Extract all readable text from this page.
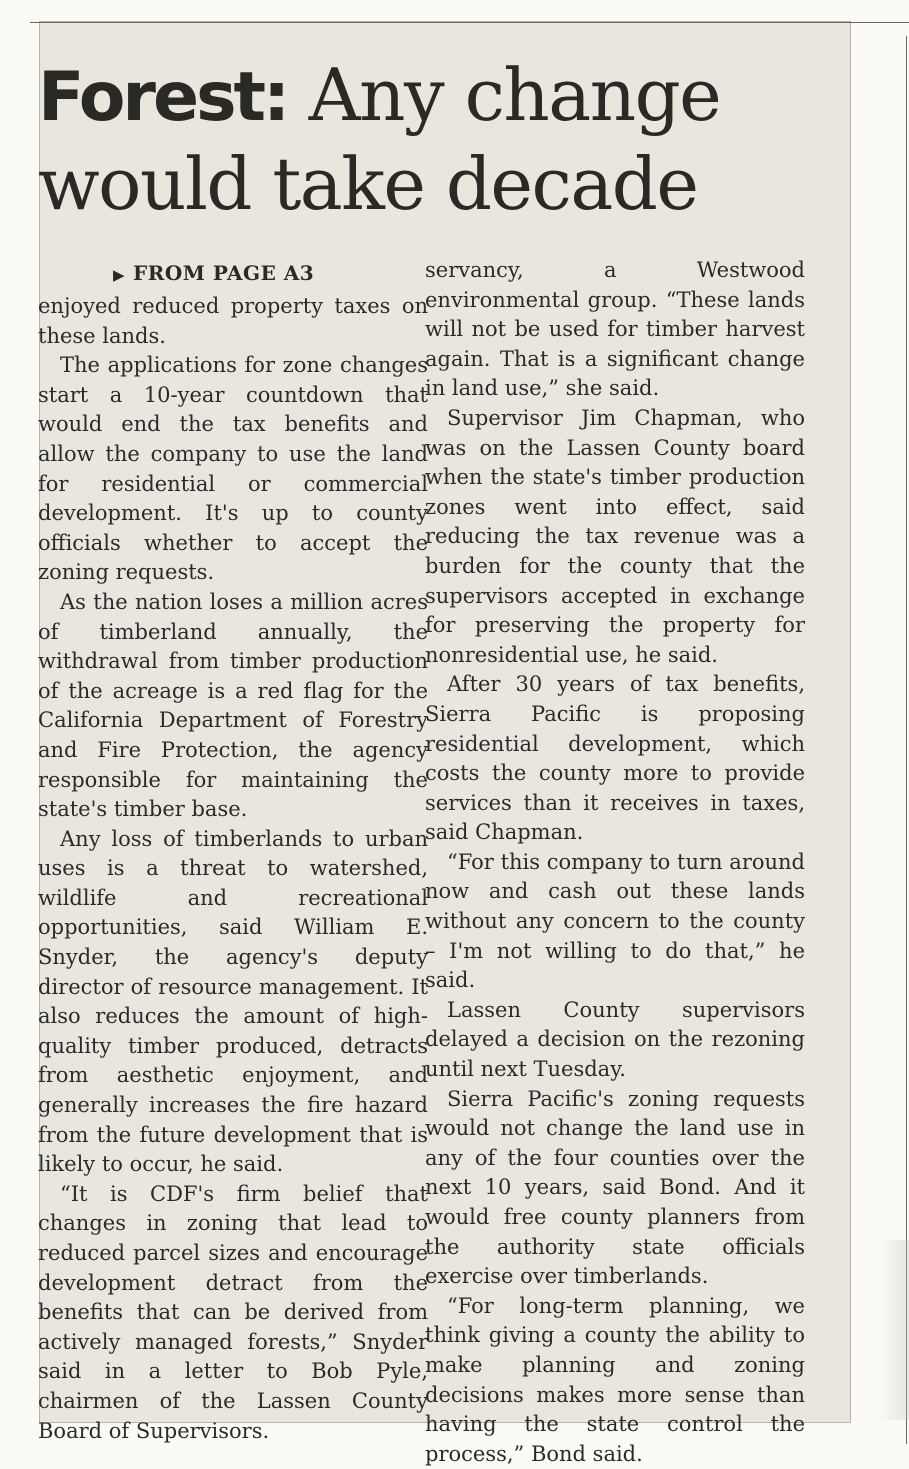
Forest: Any change would take decade
▶ FROM PAGE A3

enjoyed reduced property taxes on these lands.

The applications for zone changes start a 10-year countdown that would end the tax benefits and allow the company to use the land for residential or commercial development. It's up to county officials whether to accept the zoning requests.

As the nation loses a million acres of timberland annually, the withdrawal from timber production of the acreage is a red flag for the California Department of Forestry and Fire Protection, the agency responsible for maintaining the state's timber base.

Any loss of timberlands to urban uses is a threat to watershed, wildlife and recreational opportunities, said William E. Snyder, the agency's deputy director of resource management. It also reduces the amount of high-quality timber produced, detracts from aesthetic enjoyment, and generally increases the fire hazard from the future development that is likely to occur, he said.

“It is CDF's firm belief that changes in zoning that lead to reduced parcel sizes and encourage development detract from the benefits that can be derived from actively managed forests,” Snyder said in a letter to Bob Pyle, chairmen of the Lassen County Board of Supervisors.

servancy, a Westwood environmental group. “These lands will not be used for timber harvest again. That is a significant change in land use,” she said.

Supervisor Jim Chapman, who was on the Lassen County board when the state's timber production zones went into effect, said reducing the tax revenue was a burden for the county that the supervisors accepted in exchange for preserving the property for nonresidential use, he said.

After 30 years of tax benefits, Sierra Pacific is proposing residential development, which costs the county more to provide services than it receives in taxes, said Chapman.

“For this company to turn around now and cash out these lands without any concern to the county – I'm not willing to do that,” he said.

Lassen County supervisors delayed a decision on the rezoning until next Tuesday.

Sierra Pacific's zoning requests would not change the land use in any of the four counties over the next 10 years, said Bond. And it would free county planners from the authority state officials exercise over timberlands.

“For long-term planning, we think giving a county the ability to make planning and zoning decisions makes more sense than having the state control the process,” Bond said.
